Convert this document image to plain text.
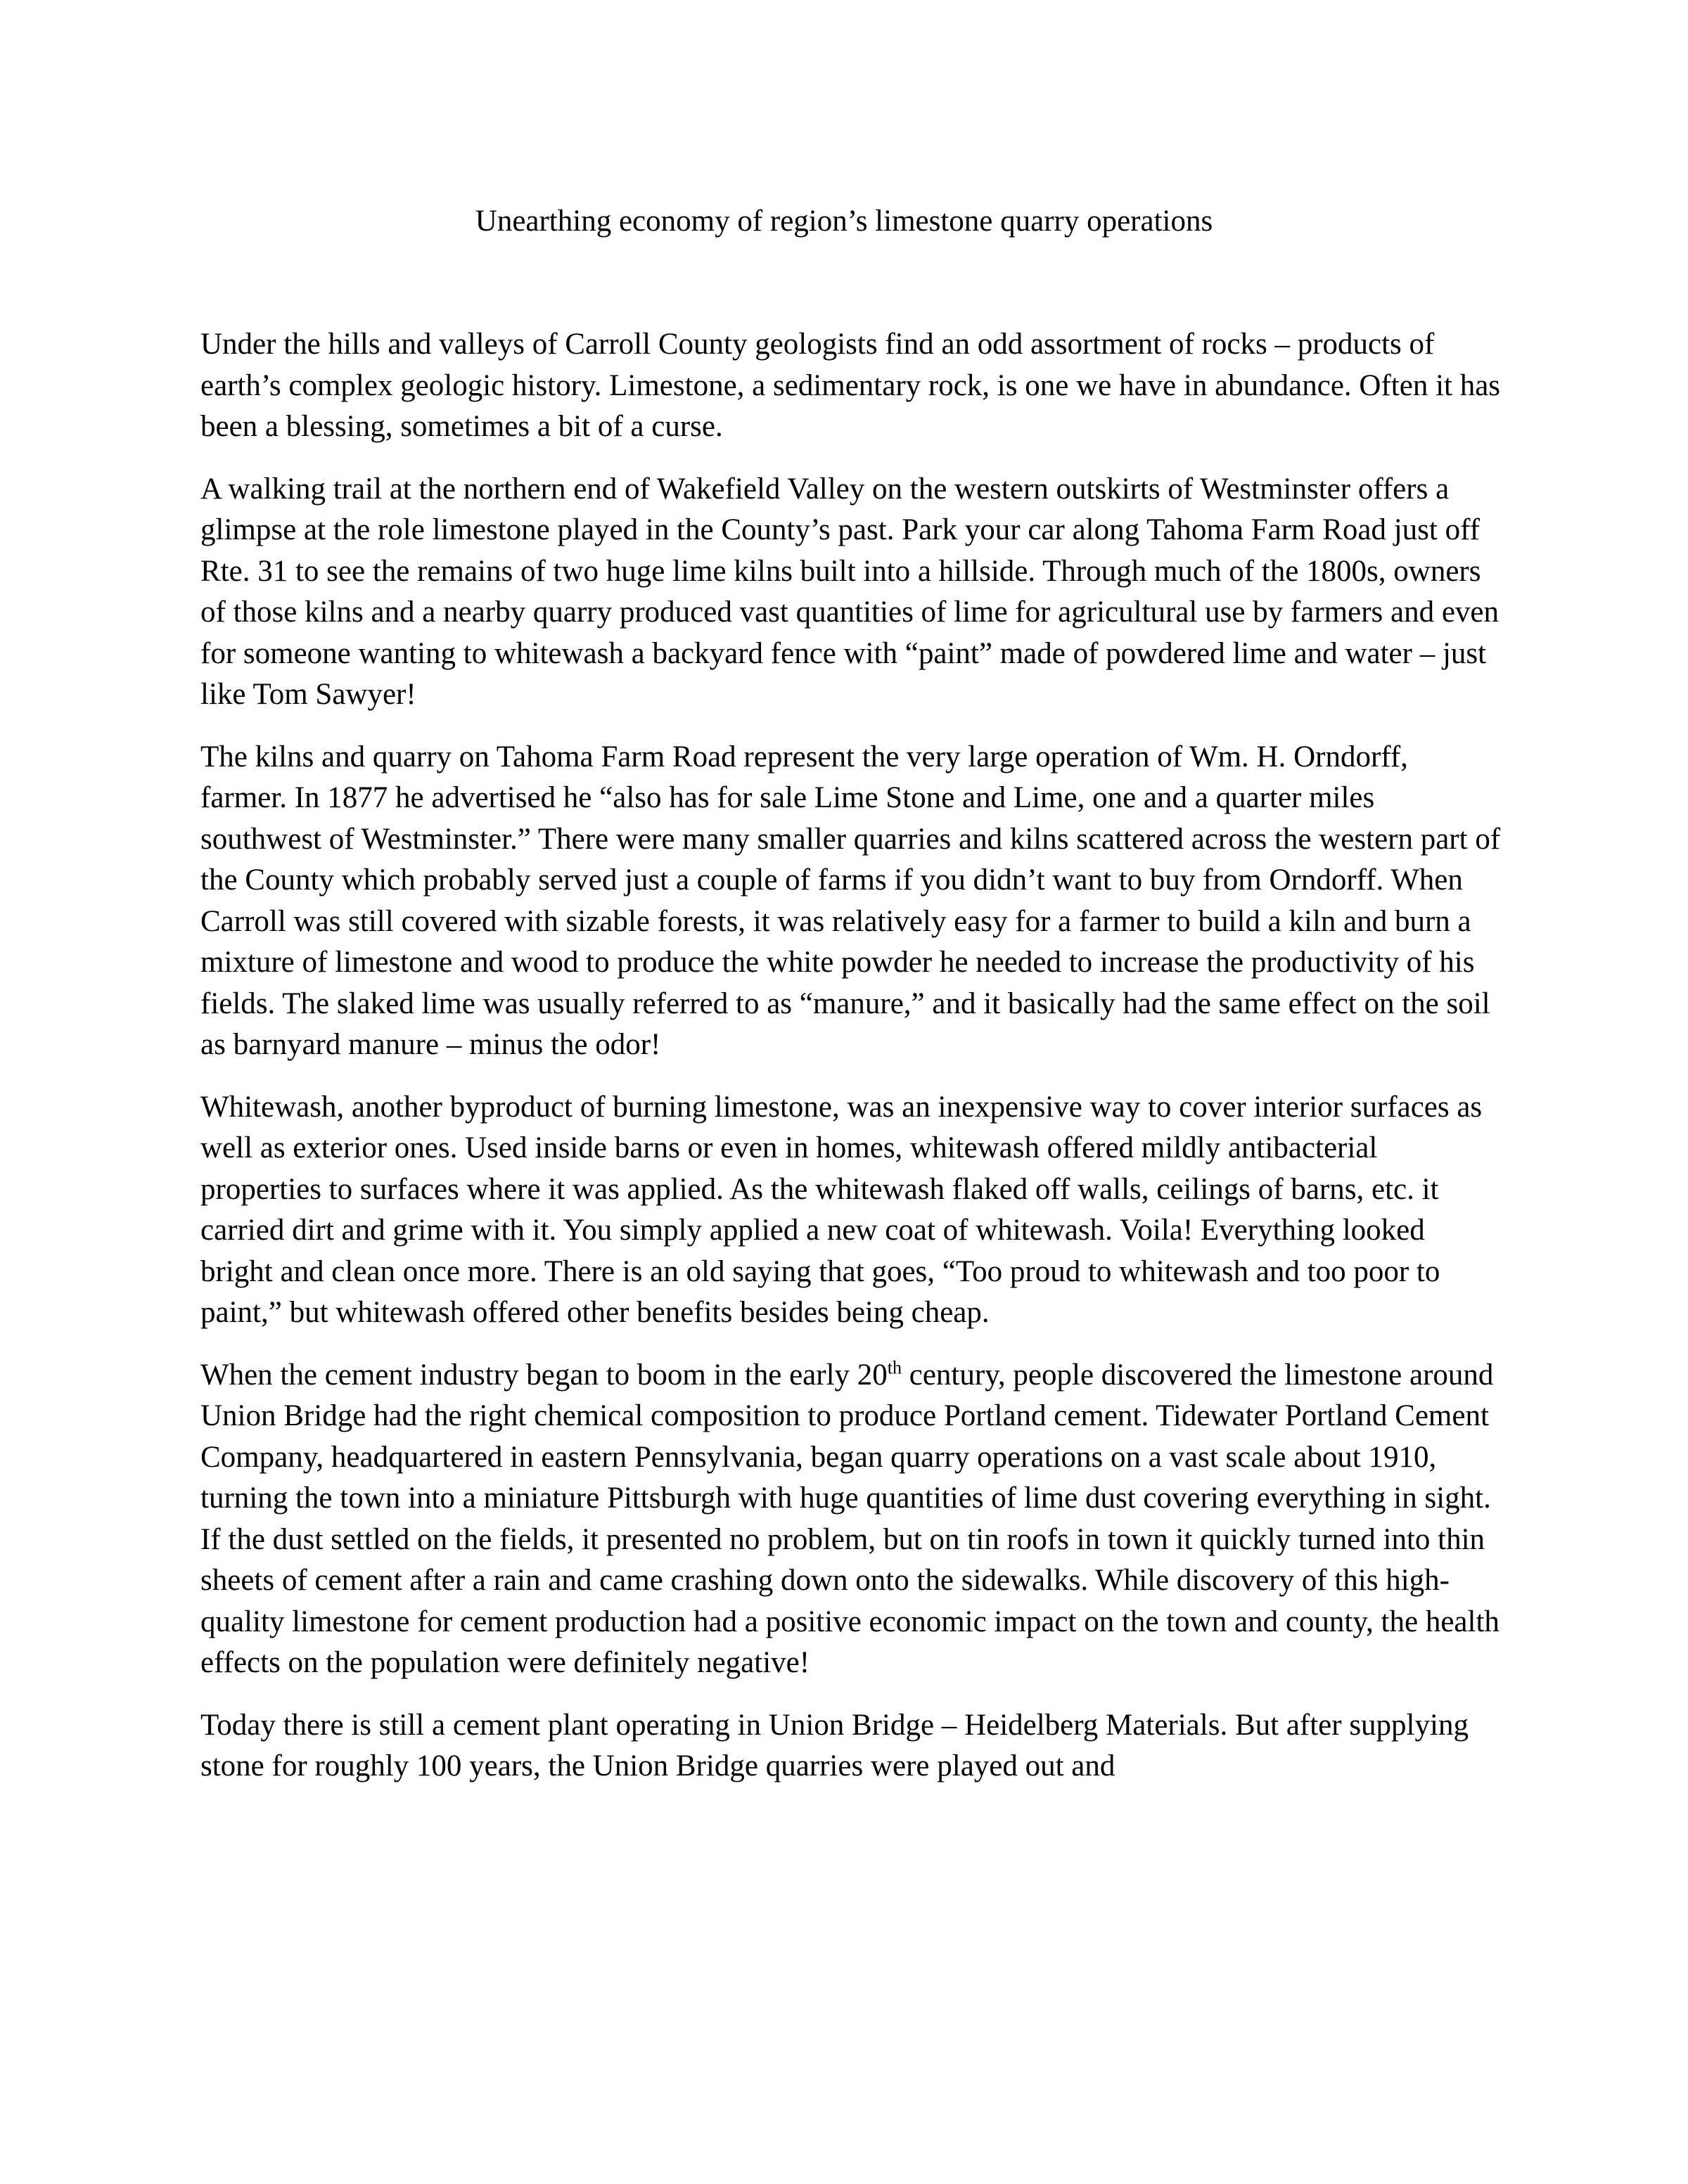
Unearthing economy of region’s limestone quarry operations

Under the hills and valleys of Carroll County geologists find an odd assortment of rocks – products of earth’s complex geologic history. Limestone, a sedimentary rock, is one we have in abundance. Often it has been a blessing, sometimes a bit of a curse.

A walking trail at the northern end of Wakefield Valley on the western outskirts of Westminster offers a glimpse at the role limestone played in the County’s past. Park your car along Tahoma Farm Road just off Rte. 31 to see the remains of two huge lime kilns built into a hillside. Through much of the 1800s, owners of those kilns and a nearby quarry produced vast quantities of lime for agricultural use by farmers and even for someone wanting to whitewash a backyard fence with “paint” made of powdered lime and water – just like Tom Sawyer!

The kilns and quarry on Tahoma Farm Road represent the very large operation of Wm. H. Orndorff, farmer. In 1877 he advertised he “also has for sale Lime Stone and Lime, one and a quarter miles southwest of Westminster.” There were many smaller quarries and kilns scattered across the western part of the County which probably served just a couple of farms if you didn’t want to buy from Orndorff. When Carroll was still covered with sizable forests, it was relatively easy for a farmer to build a kiln and burn a mixture of limestone and wood to produce the white powder he needed to increase the productivity of his fields. The slaked lime was usually referred to as “manure,” and it basically had the same effect on the soil as barnyard manure – minus the odor!

Whitewash, another byproduct of burning limestone, was an inexpensive way to cover interior surfaces as well as exterior ones. Used inside barns or even in homes, whitewash offered mildly antibacterial properties to surfaces where it was applied. As the whitewash flaked off walls, ceilings of barns, etc. it carried dirt and grime with it. You simply applied a new coat of whitewash. Voila! Everything looked bright and clean once more. There is an old saying that goes, “Too proud to whitewash and too poor to paint,” but whitewash offered other benefits besides being cheap.

When the cement industry began to boom in the early 20th century, people discovered the limestone around Union Bridge had the right chemical composition to produce Portland cement. Tidewater Portland Cement Company, headquartered in eastern Pennsylvania, began quarry operations on a vast scale about 1910, turning the town into a miniature Pittsburgh with huge quantities of lime dust covering everything in sight. If the dust settled on the fields, it presented no problem, but on tin roofs in town it quickly turned into thin sheets of cement after a rain and came crashing down onto the sidewalks. While discovery of this high-quality limestone for cement production had a positive economic impact on the town and county, the health effects on the population were definitely negative!

Today there is still a cement plant operating in Union Bridge – Heidelberg Materials. But after supplying stone for roughly 100 years, the Union Bridge quarries were played out and
